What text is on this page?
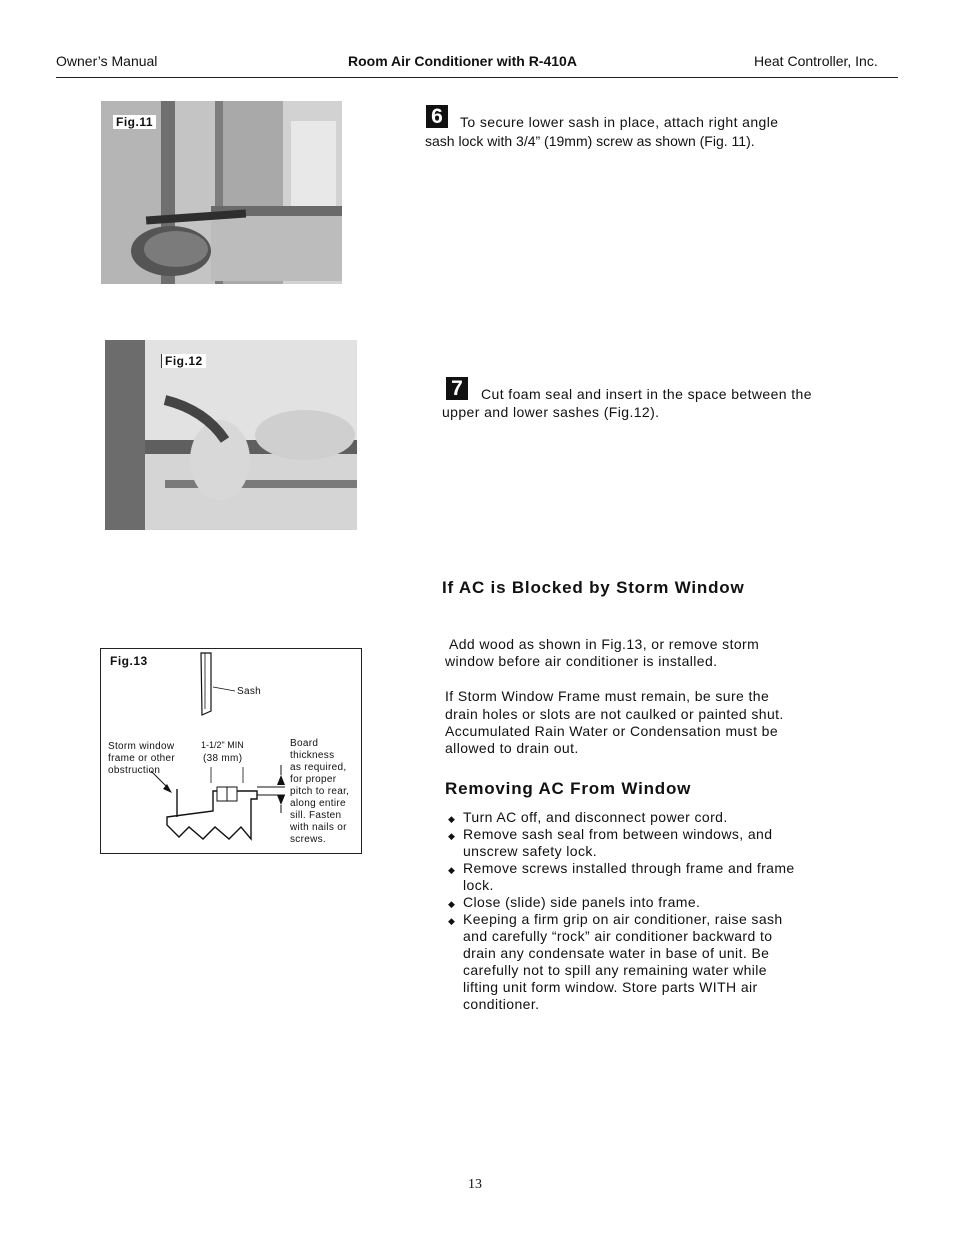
Owner’s Manual	Room Air Conditioner with R-410A	Heat Controller, Inc.
Fig.11	6	To secure lower sash in place, attach right angle
sash lock with 3/4” (19mm) screw as shown (Fig. 11).
Fig.12
7	Cut foam seal and insert in the space between the
upper and lower sashes (Fig.12).
If AC is Blocked by Storm Window
Add wood as shown in Fig.13, or remove storm
window before air conditioner is installed.
If Storm Window Frame must remain, be sure the
drain holes or slots are not caulked or painted shut.
Accumulated Rain Water or Condensation must be
allowed to drain out.
Fig.13
Sash
Storm window
frame or other
obstruction
1-1/2" MIN
(38 mm)
Board
thickness
as required,
for proper
pitch to rear,
along entire
sill. Fasten
with nails or
screws.
Removing AC From Window
◆ Turn AC off, and disconnect power cord.
◆ Remove sash seal from between windows, and
unscrew safety lock.
◆ Remove screws installed through frame and frame
lock.
◆ Close (slide) side panels into frame.
◆ Keeping a firm grip on air conditioner, raise sash
and carefully “rock” air conditioner backward to
drain any condensate water in base of unit. Be
carefully not to spill any remaining water while
lifting unit form window. Store parts WITH air
conditioner.
13
